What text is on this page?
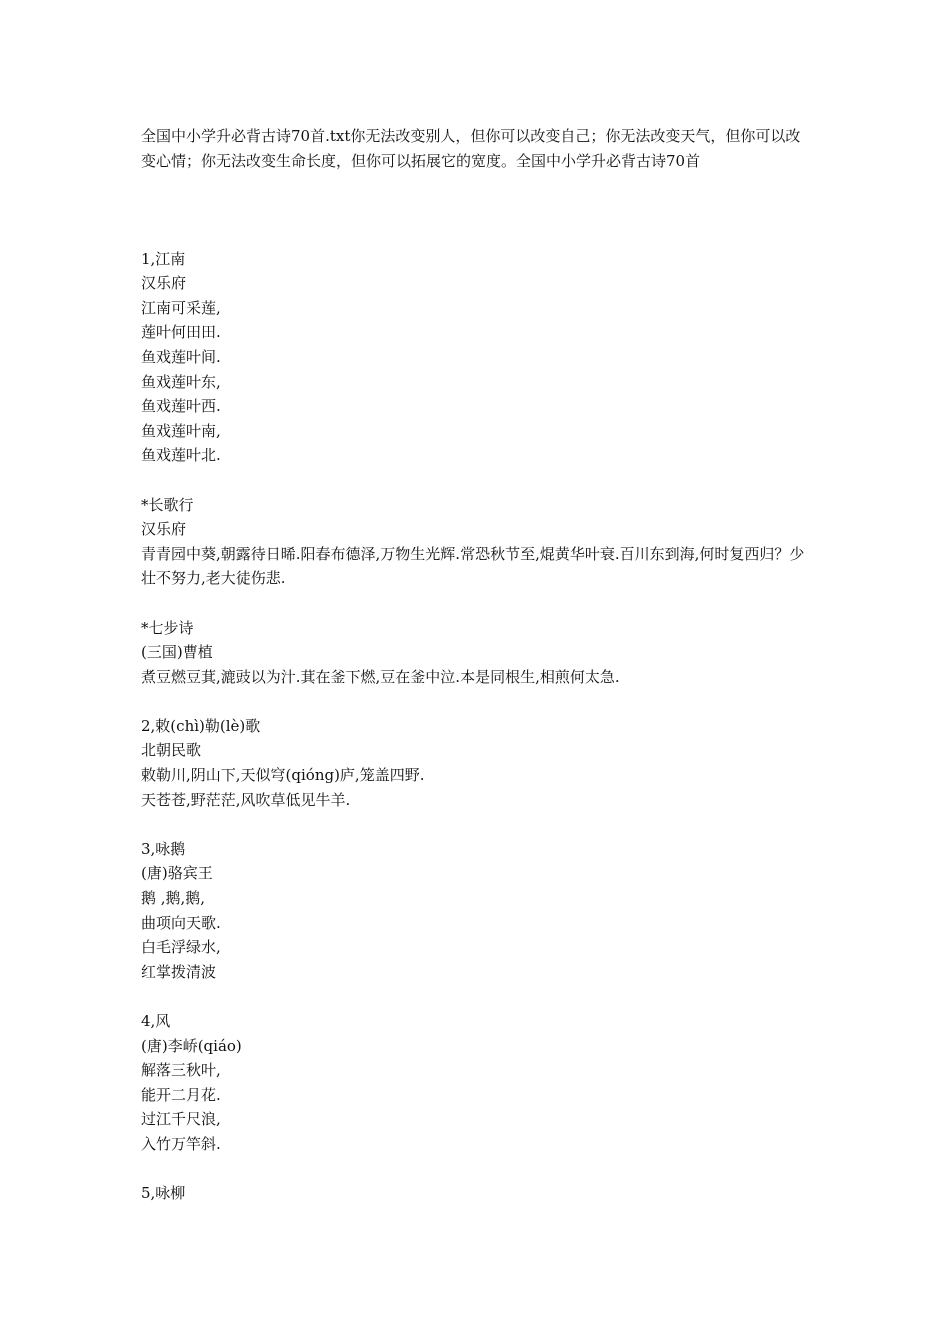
全国中小学升必背古诗70首.txt你无法改变别人，但你可以改变自己；你无法改变天气，但你可以改变心情；你无法改变生命长度，但你可以拓展它的宽度。全国中小学升必背古诗70首

1,江南
汉乐府
江南可采莲,
莲叶何田田.
鱼戏莲叶间.
鱼戏莲叶东,
鱼戏莲叶西.
鱼戏莲叶南,
鱼戏莲叶北.
*长歌行
汉乐府

青青园中葵,朝露待日晞.阳春布德泽,万物生光辉.常恐秋节至,焜黄华叶衰.百川东到海,何时复西归？少壮不努力,老大徒伤悲.

*七步诗
(三国)曹植
煮豆燃豆萁,漉豉以为汁.萁在釜下燃,豆在釜中泣.本是同根生,相煎何太急.
2,敕(chì)勒(lè)歌
北朝民歌
敕勒川,阴山下,天似穹(qióng)庐,笼盖四野.
天苍苍,野茫茫,风吹草低见牛羊.
3,咏鹅
(唐)骆宾王
鹅 ,鹅,鹅,
曲项向天歌.
白毛浮绿水,
红掌拨清波
4,风
(唐)李峤(qiáo)
解落三秋叶,
能开二月花.
过江千尺浪,
入竹万竿斜.
5,咏柳
